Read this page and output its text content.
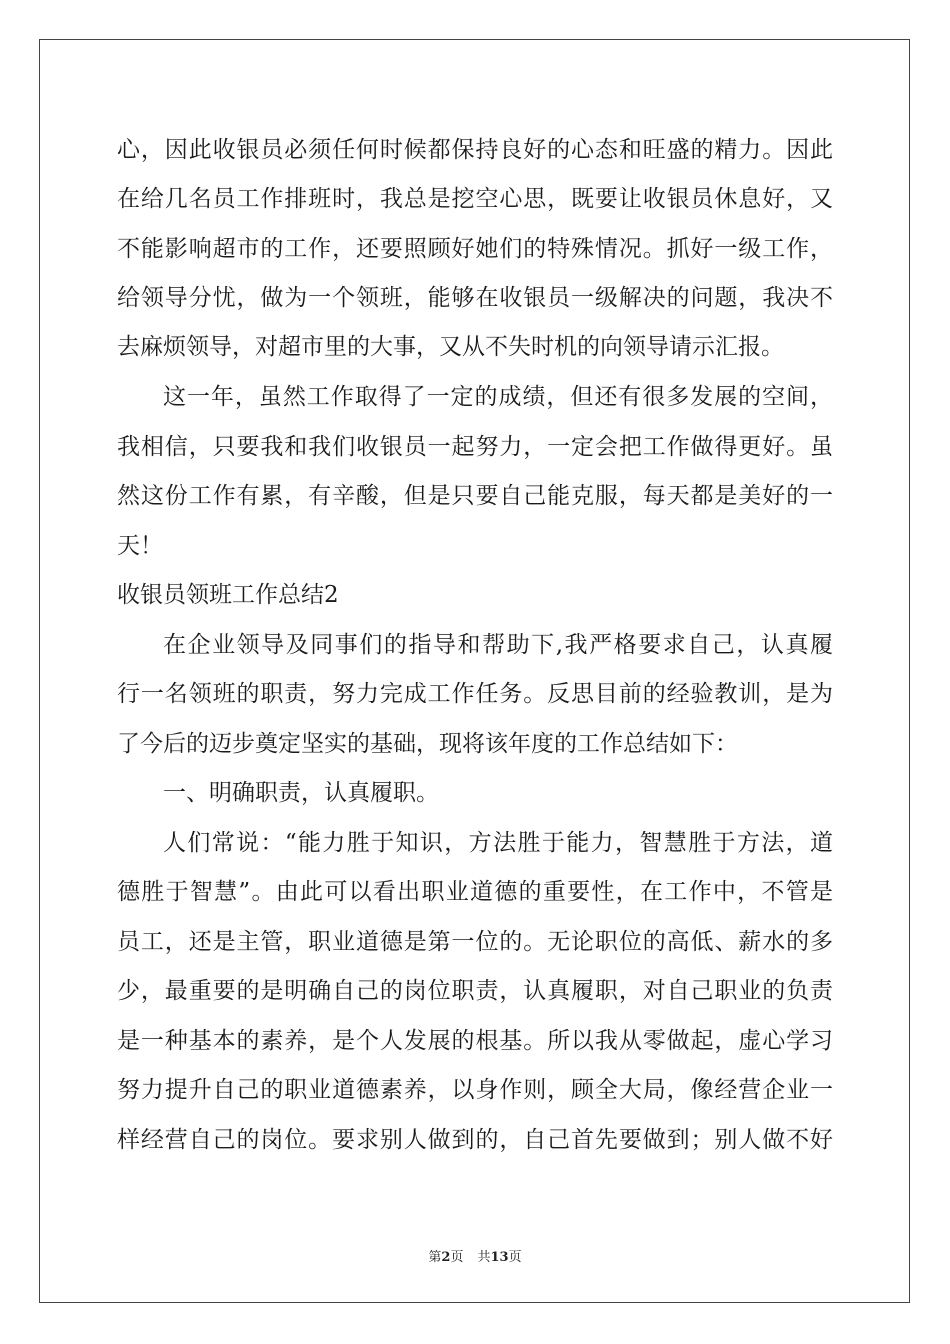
心，因此收银员必须任何时候都保持良好的心态和旺盛的精力。因此
在给几名员工作排班时，我总是挖空心思，既要让收银员休息好，又
不能影响超市的工作，还要照顾好她们的特殊情况。抓好一级工作，
给领导分忧，做为一个领班，能够在收银员一级解决的问题，我决不
去麻烦领导，对超市里的大事，又从不失时机的向领导请示汇报。
这一年，虽然工作取得了一定的成绩，但还有很多发展的空间，
我相信，只要我和我们收银员一起努力，一定会把工作做得更好。虽
然这份工作有累，有辛酸，但是只要自己能克服，每天都是美好的一
天！
收银员领班工作总结2
在企业领导及同事们的指导和帮助下,我严格要求自己，认真履
行一名领班的职责，努力完成工作任务。反思目前的经验教训，是为
了今后的迈步奠定坚实的基础，现将该年度的工作总结如下：
一、明确职责，认真履职。
人们常说：“能力胜于知识，方法胜于能力，智慧胜于方法，道
德胜于智慧”。由此可以看出职业道德的重要性，在工作中，不管是
员工，还是主管，职业道德是第一位的。无论职位的高低、薪水的多
少，最重要的是明确自己的岗位职责，认真履职，对自己职业的负责
是一种基本的素养，是个人发展的根基。所以我从零做起，虚心学习
努力提升自己的职业道德素养，以身作则，顾全大局，像经营企业一
样经营自己的岗位。要求别人做到的，自己首先要做到；别人做不好
第2页 共13页
